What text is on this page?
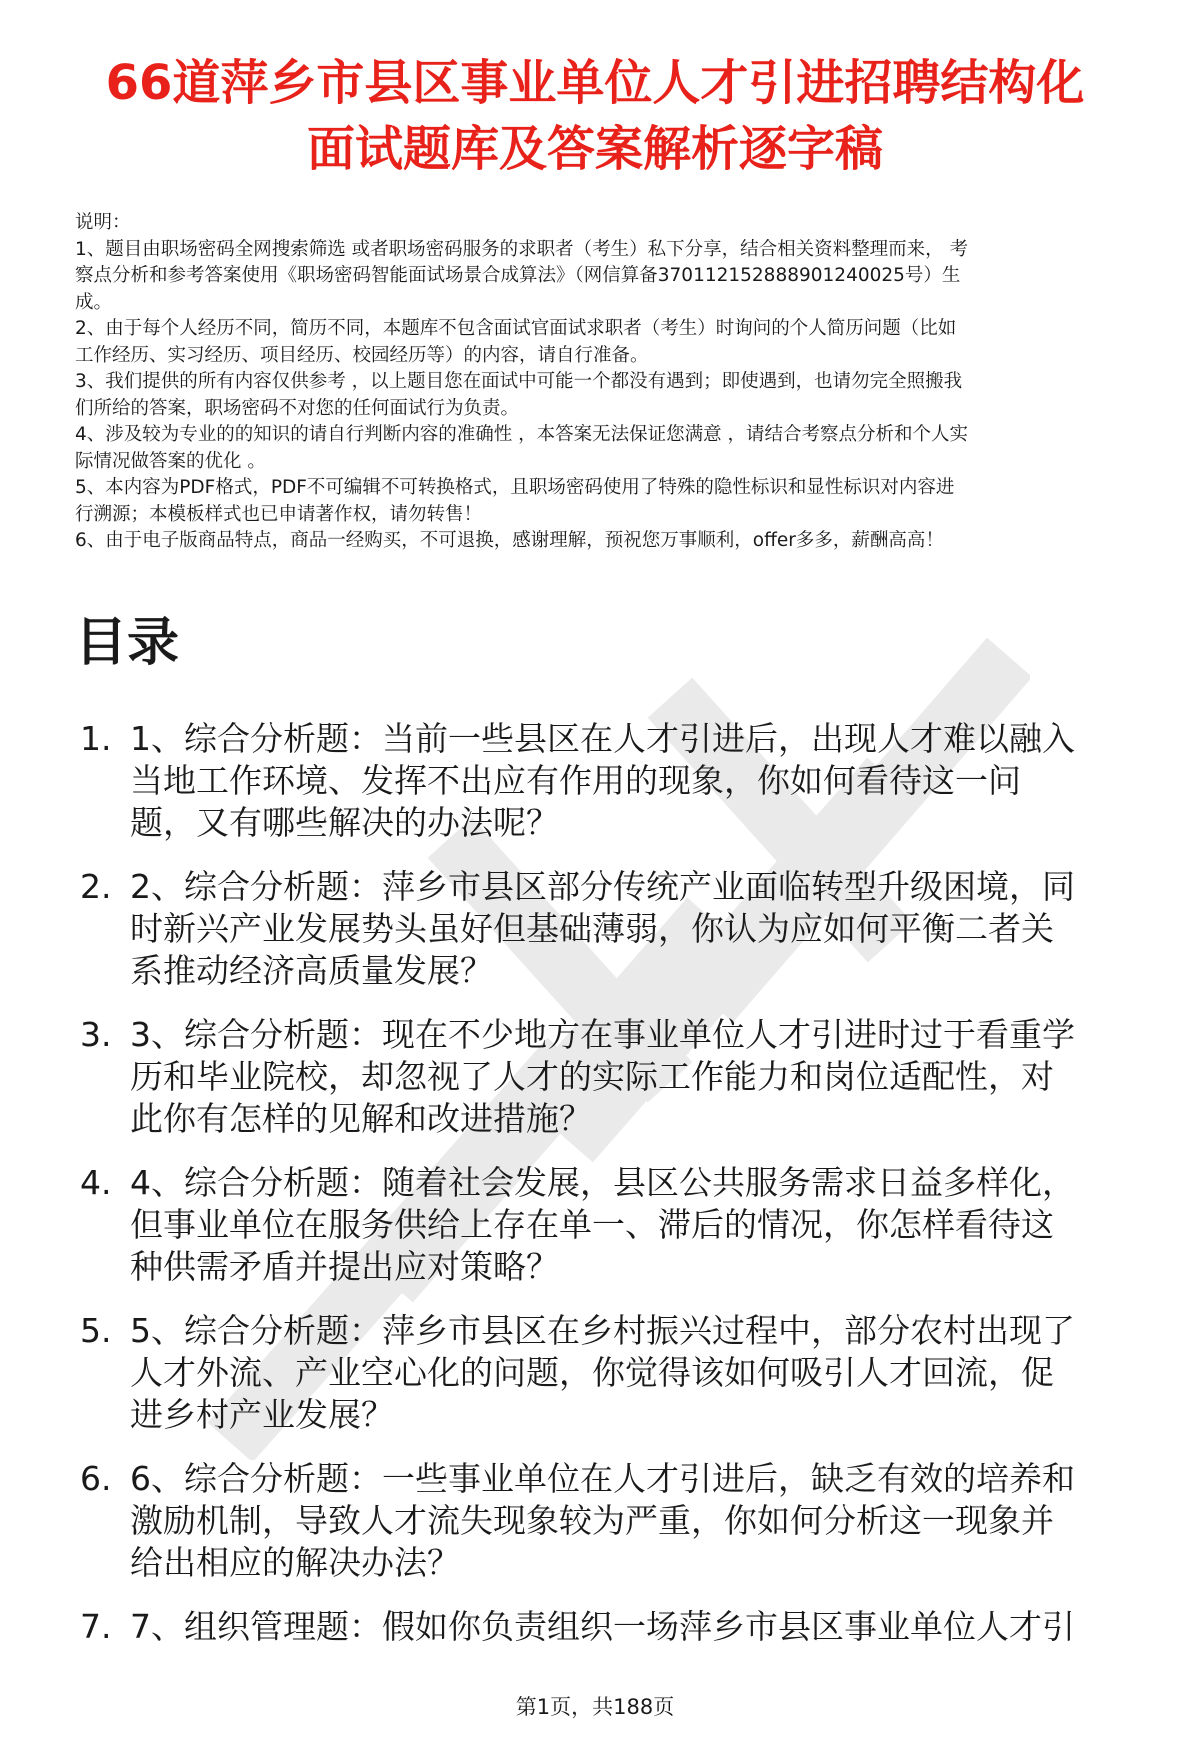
66道萍乡市县区事业单位人才引进招聘结构化
面试题库及答案解析逐字稿
说明：
1、题目由职场密码全网搜索筛选 或者职场密码服务的求职者（考生）私下分享，结合相关资料整理而来， 考
察点分析和参考答案使用《职场密码智能面试场景合成算法》（网信算备370112152888901240025号）生
成。
2、由于每个人经历不同，简历不同，本题库不包含面试官面试求职者（考生）时询问的个人简历问题（比如
工作经历、实习经历、项目经历、校园经历等）的内容，请自行准备。
3、我们提供的所有内容仅供参考 ，以上题目您在面试中可能一个都没有遇到；即使遇到，也请勿完全照搬我
们所给的答案，职场密码不对您的任何面试行为负责。
4、涉及较为专业的的知识的请自行判断内容的准确性 ，本答案无法保证您满意 ，请结合考察点分析和个人实
际情况做答案的优化 。
5、本内容为PDF格式，PDF不可编辑不可转换格式，且职场密码使用了特殊的隐性标识和显性标识对内容进
行溯源；本模板样式也已申请著作权，请勿转售！
6、由于电子版商品特点，商品一经购买，不可退换，感谢理解，预祝您万事顺利，offer多多，薪酬高高！
目录
1. 1、综合分析题：当前一些县区在人才引进后，出现人才难以融入
当地工作环境、发挥不出应有作用的现象，你如何看待这一问
题，又有哪些解决的办法呢？
2. 2、综合分析题：萍乡市县区部分传统产业面临转型升级困境，同
时新兴产业发展势头虽好但基础薄弱，你认为应如何平衡二者关
系推动经济高质量发展？
3. 3、综合分析题：现在不少地方在事业单位人才引进时过于看重学
历和毕业院校，却忽视了人才的实际工作能力和岗位适配性，对
此你有怎样的见解和改进措施？
4. 4、综合分析题：随着社会发展，县区公共服务需求日益多样化，
但事业单位在服务供给上存在单一、滞后的情况，你怎样看待这
种供需矛盾并提出应对策略？
5. 5、综合分析题：萍乡市县区在乡村振兴过程中，部分农村出现了
人才外流、产业空心化的问题，你觉得该如何吸引人才回流，促
进乡村产业发展？
6. 6、综合分析题：一些事业单位在人才引进后，缺乏有效的培养和
激励机制，导致人才流失现象较为严重，你如何分析这一现象并
给出相应的解决办法？
7. 7、组织管理题：假如你负责组织一场萍乡市县区事业单位人才引
第1页，共188页
